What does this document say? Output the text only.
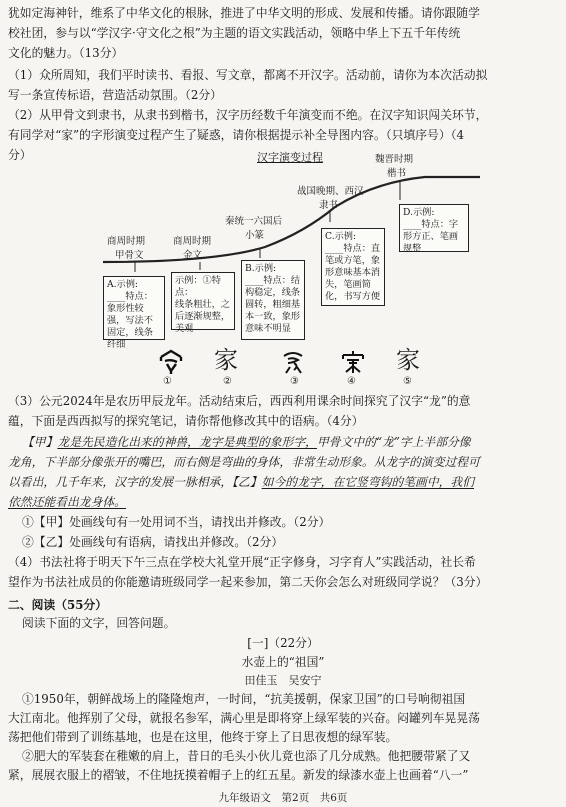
犹如定海神针，维系了中华文化的根脉，推进了中华文明的形成、发展和传播。请你跟随学
校社团，参与以“学汉字·守文化之根”为主题的语文实践活动，领略中华上下五千年传统
文化的魅力。（13分）
（1）众所周知，我们平时读书、看报、写文章，都离不开汉字。活动前，请你为本次活动拟
写一条宣传标语，营造活动氛围。（2分）
（2）从甲骨文到隶书，从隶书到楷书，汉字历经数千年演变而不绝。在汉字知识闯关环节，
有同学对“家”的字形演变过程产生了疑惑，请你根据提示补全导图内容。（只填序号）（4
分）	汉字演变过程
商周时期
甲骨文
商周时期
金文
秦统一六国后
小篆
战国晚期、西汉
隶书
魏晋时期
楷书
A.示例:
____特点：象形性较强，写法不固定，线条纤细
示例：①特点：
线条粗壮，之后逐渐规整，美观
B.示例:
____特点：结构稳定，线条圆转，粗细基本一致，象形意味不明显
C.示例:
____特点：直笔或方笔，象形意味基本消失，笔画简化，书写方便
D.示例:
____特点：字形方正、笔画规整
家	家
①	②	③	④	⑤
（3）公元2024年是农历甲辰龙年。活动结束后，西西利用课余时间探究了汉字“龙”的意
蕴，下面是西西拟写的探究笔记，请你帮他修改其中的语病。（4分）
【甲】龙是先民造化出来的神兽，龙字是典型的象形字，甲骨文中的“龙”字上半部分像
龙角，下半部分像张开的嘴巴，而右侧是弯曲的身体，非常生动形象。从龙字的演变过程可
以看出，几千年来，汉字的发展一脉相承，【乙】如今的龙字，在它竖弯钩的笔画中，我们
依然还能看出龙身体。
①【甲】处画线句有一处用词不当，请找出并修改。（2分）
②【乙】处画线句有语病，请找出并修改。（2分）
（4）书法社将于明天下午三点在学校大礼堂开展“正字修身，习字育人”实践活动，社长希
望作为书法社成员的你能邀请班级同学一起来参加，第二天你会怎么对班级同学说？（3分）
二、阅读（55分）
阅读下面的文字，回答问题。
[一]（22分）
水壶上的“祖国”
田佳玉　吴安宁
①1950年，朝鲜战场上的隆隆炮声，一时间，“抗美援朝，保家卫国”的口号响彻祖国
大江南北。他挥别了父母，就报名参军，满心里是即将穿上绿军装的兴奋。闷罐列车晃晃荡
荡把他们带到了训练基地，也是在这里，他终于穿上了日思夜想的绿军装。
②肥大的军装套在稚嫩的肩上，昔日的毛头小伙儿竟也添了几分成熟。他把腰带紧了又
紧，展展衣服上的褶皱，不住地抚摸着帽子上的红五星。新发的绿漆水壶上也画着“八一”
九年级语文　第2页　共6页
